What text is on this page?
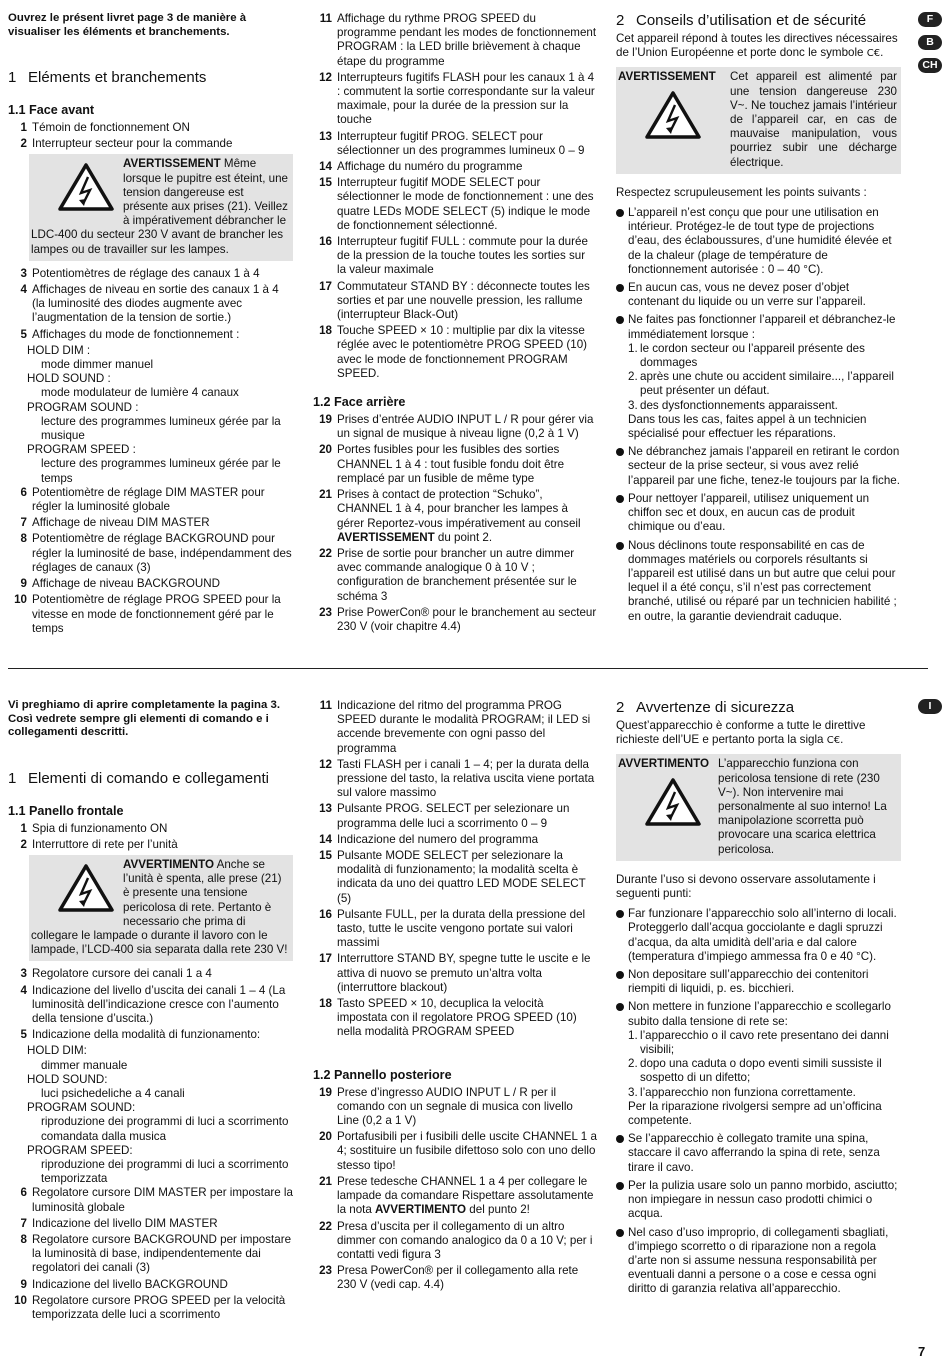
Ouvrez le présent livret page 3 de manière à visualiser les éléments et branchements.
1 Eléments et branchements
1.1 Face avant
1 Témoin de fonctionnement ON
2 Interrupteur secteur pour la commande
AVERTISSEMENT Même lorsque le pupitre est éteint, une tension dangereuse est présente aux prises (21). Veillez à impérativement débrancher le LDC-400 du secteur 230 V avant de brancher les lampes ou de travailler sur les lampes.
3 Potentiomètres de réglage des canaux 1 à 4
4 Affichages de niveau en sortie des canaux 1 à 4 (la luminosité des diodes augmente avec l’augmentation de la tension de sortie.)
5 Affichages du mode de fonctionnement :
HOLD DIM :
mode dimmer manuel
HOLD SOUND :
mode modulateur de lumière 4 canaux
PROGRAM SOUND :
lecture des programmes lumineux gérée par la musique
PROGRAM SPEED :
lecture des programmes lumineux gérée par le temps
6 Potentiomètre de réglage DIM MASTER pour régler la luminosité globale
7 Affichage de niveau DIM MASTER
8 Potentiomètre de réglage BACKGROUND pour régler la luminosité de base, indépendamment des réglages de canaux (3)
9 Affichage de niveau BACKGROUND
10 Potentiomètre de réglage PROG SPEED pour la vitesse en mode de fonctionnement géré par le temps
11 Affichage du rythme PROG SPEED du programme pendant les modes de fonctionnement PROGRAM : la LED brille brièvement à chaque étape du programme
12 Interrupteurs fugitifs FLASH pour les canaux 1 à 4 : commutent la sortie correspondante sur la valeur maximale, pour la durée de la pression sur la touche
13 Interrupteur fugitif PROG. SELECT pour sélectionner un des programmes lumineux 0 – 9
14 Affichage du numéro du programme
15 Interrupteur fugitif MODE SELECT pour sélectionner le mode de fonctionnement : une des quatre LEDs MODE SELECT (5) indique le mode de fonctionnement sélectionné.
16 Interrupteur fugitif FULL : commute pour la durée de la pression de la touche toutes les sorties sur la valeur maximale
17 Commutateur STAND BY : déconnecte toutes les sorties et par une nouvelle pression, les rallume (interrupteur Black-Out)
18 Touche SPEED × 10 : multiplie par dix la vitesse réglée avec le potentiomètre PROG SPEED (10) avec le mode de fonctionnement PROGRAM SPEED.
1.2 Face arrière
19 Prises d’entrée AUDIO INPUT L / R pour gérer via un signal de musique à niveau ligne (0,2 à 1 V)
20 Portes fusibles pour les fusibles des sorties CHANNEL 1 à 4 : tout fusible fondu doit être remplacé par un fusible de même type
21 Prises à contact de protection “Schuko”, CHANNEL 1 à 4, pour brancher les lampes à gérer Reportez-vous impérativement au conseil AVERTISSEMENT du point 2.
22 Prise de sortie pour brancher un autre dimmer avec commande analogique 0 à 10 V ; configuration de branchement présentée sur le schéma 3
23 Prise PowerCon® pour le branchement au secteur 230 V (voir chapitre 4.4)
2 Conseils d’utilisation et de sécurité
Cet appareil répond à toutes les directives nécessaires de l’Union Européenne et porte donc le symbole C€.
AVERTISSEMENT Cet appareil est alimenté par une tension dangereuse 230 V~. Ne touchez jamais l’intérieur de l’appareil car, en cas de mauvaise manipulation, vous pourriez subir une décharge électrique.

Respectez scrupuleusement les points suivants :

L’appareil n’est conçu que pour une utilisation en intérieur. Protégez-le de tout type de projections d’eau, des éclaboussures, d’une humidité élevée et de la chaleur (plage de température de fonctionnement autorisée : 0 – 40 °C).
En aucun cas, vous ne devez poser d’objet contenant du liquide ou un verre sur l’appareil.
Ne faites pas fonctionner l’appareil et débranchez-le immédiatement lorsque :
1. le cordon secteur ou l’appareil présente des dommages
2. après une chute ou accident similaire..., l’appareil peut présenter un défaut.
3. des dysfonctionnements apparaissent.
Dans tous les cas, faites appel à un technicien spécialisé pour effectuer les réparations.
Ne débranchez jamais l’appareil en retirant le cordon secteur de la prise secteur, si vous avez relié l’appareil par une fiche, tenez-le toujours par la fiche.
Pour nettoyer l’appareil, utilisez uniquement un chiffon sec et doux, en aucun cas de produit chimique ou d’eau.
Nous déclinons toute responsabilité en cas de dommages matériels ou corporels résultants si l’appareil est utilisé dans un but autre que celui pour lequel il a été conçu, s’il n’est pas correctement branché, utilisé ou réparé par un technicien habilité ; en outre, la garantie deviendrait caduque.
F
B
CH
Vi preghiamo di aprire completamente la pagina 3. Così vedrete sempre gli elementi di comando e i collegamenti descritti.
1 Elementi di comando e collegamenti
1.1 Panello frontale
1 Spia di funzionamento ON
2 Interruttore di rete per l’unità
AVVERTIMENTO Anche se l’unità è spenta, alle prese (21) è presente una tensione pericolosa di rete. Pertanto è necessario che prima di collegare le lampade o durante il lavoro con le lampade, l’LCD-400 sia separata dalla rete 230 V!
3 Regolatore cursore dei canali 1 a 4
4 Indicazione del livello d’uscita dei canali 1 – 4 (La luminosità dell’indicazione cresce con l’aumento della tensione d’uscita.)
5 Indicazione della modalità di funzionamento:
HOLD DIM:
dimmer manuale
HOLD SOUND:
luci psichedeliche a 4 canali
PROGRAM SOUND:
riproduzione dei programmi di luci a scorrimento comandata dalla musica
PROGRAM SPEED:
riproduzione dei programmi di luci a scorrimento temporizzata
6 Regolatore cursore DIM MASTER per impostare la luminosità globale
7 Indicazione del livello DIM MASTER
8 Regolatore cursore BACKGROUND per impostare la luminosità di base, indipendentemente dai regolatori dei canali (3)
9 Indicazione del livello BACKGROUND
10 Regolatore cursore PROG SPEED per la velocità temporizzata delle luci a scorrimento
11 Indicazione del ritmo del programma PROG SPEED durante le modalità PROGRAM; il LED si accende brevemente con ogni passo del programma
12 Tasti FLASH per i canali 1 – 4; per la durata della pressione del tasto, la relativa uscita viene portata sul valore massimo
13 Pulsante PROG. SELECT per selezionare un programma delle luci a scorrimento 0 – 9
14 Indicazione del numero del programma
15 Pulsante MODE SELECT per selezionare la modalità di funzionamento; la modalità scelta è indicata da uno dei quattro LED MODE SELECT (5)
16 Pulsante FULL, per la durata della pressione del tasto, tutte le uscite vengono portate sui valori massimi
17 Interruttore STAND BY, spegne tutte le uscite e le attiva di nuovo se premuto un’altra volta (interruttore blackout)
18 Tasto SPEED × 10, decuplica la velocità impostata con il regolatore PROG SPEED (10) nella modalità PROGRAM SPEED
1.2 Pannello posteriore
19 Prese d’ingresso AUDIO INPUT L / R per il comando con un segnale di musica con livello Line (0,2 a 1 V)
20 Portafusibili per i fusibili delle uscite CHANNEL 1 a 4; sostituire un fusibile difettoso solo con uno dello stesso tipo!
21 Prese tedesche CHANNEL 1 a 4 per collegare le lampade da comandare Rispettare assolutamente la nota AVVERTIMENTO del punto 2!
22 Presa d’uscita per il collegamento di un altro dimmer con comando analogico da 0 a 10 V; per i contatti vedi figura 3
23 Presa PowerCon® per il collegamento alla rete 230 V (vedi cap. 4.4)
2 Avvertenze di sicurezza
Quest’apparecchio è conforme a tutte le direttive richieste dell’UE e pertanto porta la sigla C€.
AVVERTIMENTO L’apparecchio funziona con pericolosa tensione di rete (230 V~). Non intervenire mai personalmente al suo interno! La manipolazione scorretta può provocare una scarica elettrica pericolosa.

Durante l’uso si devono osservare assolutamente i seguenti punti:

Far funzionare l’apparecchio solo all’interno di locali. Proteggerlo dall’acqua gocciolante e dagli spruzzi d’acqua, da alta umidità dell’aria e dal calore (temperatura d’impiego ammessa fra 0 e 40 °C).
Non depositare sull’apparecchio dei contenitori riempiti di liquidi, p. es. bicchieri.
Non mettere in funzione l’apparecchio e scollegarlo subito dalla tensione di rete se:
1. l’apparecchio o il cavo rete presentano dei danni visibili;
2. dopo una caduta o dopo eventi simili sussiste il sospetto di un difetto;
3. l’apparecchio non funziona correttamente.
Per la riparazione rivolgersi sempre ad un’officina competente.
Se l’apparecchio è collegato tramite una spina, staccare il cavo afferrando la spina di rete, senza tirare il cavo.
Per la pulizia usare solo un panno morbido, asciutto; non impiegare in nessun caso prodotti chimici o acqua.
Nel caso d’uso improprio, di collegamenti sbagliati, d’impiego scorretto o di riparazione non a regola d’arte non si assume nessuna responsabilità per eventuali danni a persone o a cose e cessa ogni diritto di garanzia relativa all’apparecchio.
I
7
